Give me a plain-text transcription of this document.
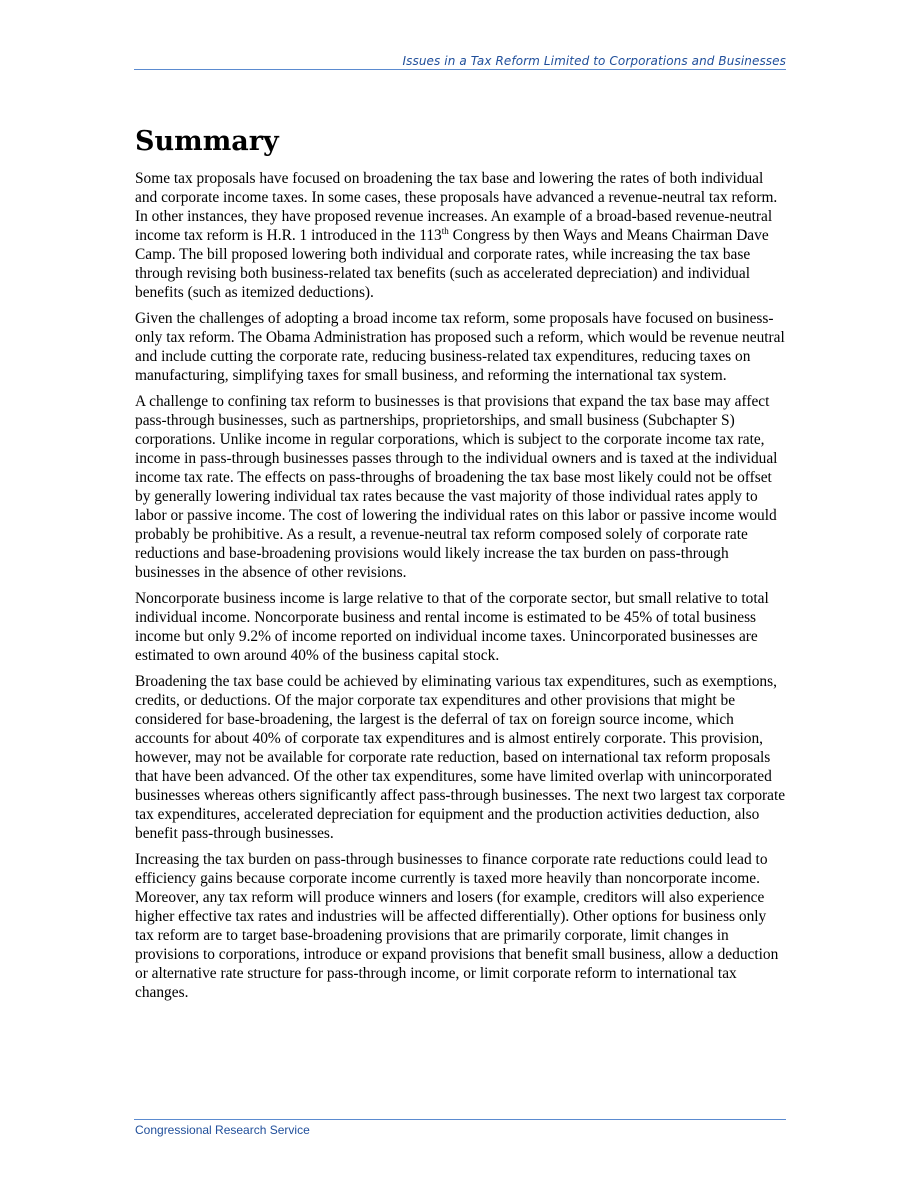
Issues in a Tax Reform Limited to Corporations and Businesses
Summary

Some tax proposals have focused on broadening the tax base and lowering the rates of both individual and corporate income taxes. In some cases, these proposals have advanced a revenue-neutral tax reform. In other instances, they have proposed revenue increases. An example of a broad-based revenue-neutral income tax reform is H.R. 1 introduced in the 113th Congress by then Ways and Means Chairman Dave Camp. The bill proposed lowering both individual and corporate rates, while increasing the tax base through revising both business-related tax benefits (such as accelerated depreciation) and individual benefits (such as itemized deductions).

Given the challenges of adopting a broad income tax reform, some proposals have focused on business-only tax reform. The Obama Administration has proposed such a reform, which would be revenue neutral and include cutting the corporate rate, reducing business-related tax expenditures, reducing taxes on manufacturing, simplifying taxes for small business, and reforming the international tax system.

A challenge to confining tax reform to businesses is that provisions that expand the tax base may affect pass-through businesses, such as partnerships, proprietorships, and small business (Subchapter S) corporations. Unlike income in regular corporations, which is subject to the corporate income tax rate, income in pass-through businesses passes through to the individual owners and is taxed at the individual income tax rate. The effects on pass-throughs of broadening the tax base most likely could not be offset by generally lowering individual tax rates because the vast majority of those individual rates apply to labor or passive income. The cost of lowering the individual rates on this labor or passive income would probably be prohibitive. As a result, a revenue-neutral tax reform composed solely of corporate rate reductions and base-broadening provisions would likely increase the tax burden on pass-through businesses in the absence of other revisions.

Noncorporate business income is large relative to that of the corporate sector, but small relative to total individual income. Noncorporate business and rental income is estimated to be 45% of total business income but only 9.2% of income reported on individual income taxes. Unincorporated businesses are estimated to own around 40% of the business capital stock.

Broadening the tax base could be achieved by eliminating various tax expenditures, such as exemptions, credits, or deductions. Of the major corporate tax expenditures and other provisions that might be considered for base-broadening, the largest is the deferral of tax on foreign source income, which accounts for about 40% of corporate tax expenditures and is almost entirely corporate. This provision, however, may not be available for corporate rate reduction, based on international tax reform proposals that have been advanced. Of the other tax expenditures, some have limited overlap with unincorporated businesses whereas others significantly affect pass-through businesses. The next two largest tax corporate tax expenditures, accelerated depreciation for equipment and the production activities deduction, also benefit pass-through businesses.

Increasing the tax burden on pass-through businesses to finance corporate rate reductions could lead to efficiency gains because corporate income currently is taxed more heavily than noncorporate income. Moreover, any tax reform will produce winners and losers (for example, creditors will also experience higher effective tax rates and industries will be affected differentially). Other options for business only tax reform are to target base-broadening provisions that are primarily corporate, limit changes in provisions to corporations, introduce or expand provisions that benefit small business, allow a deduction or alternative rate structure for pass-through income, or limit corporate reform to international tax changes.

Congressional Research Service
